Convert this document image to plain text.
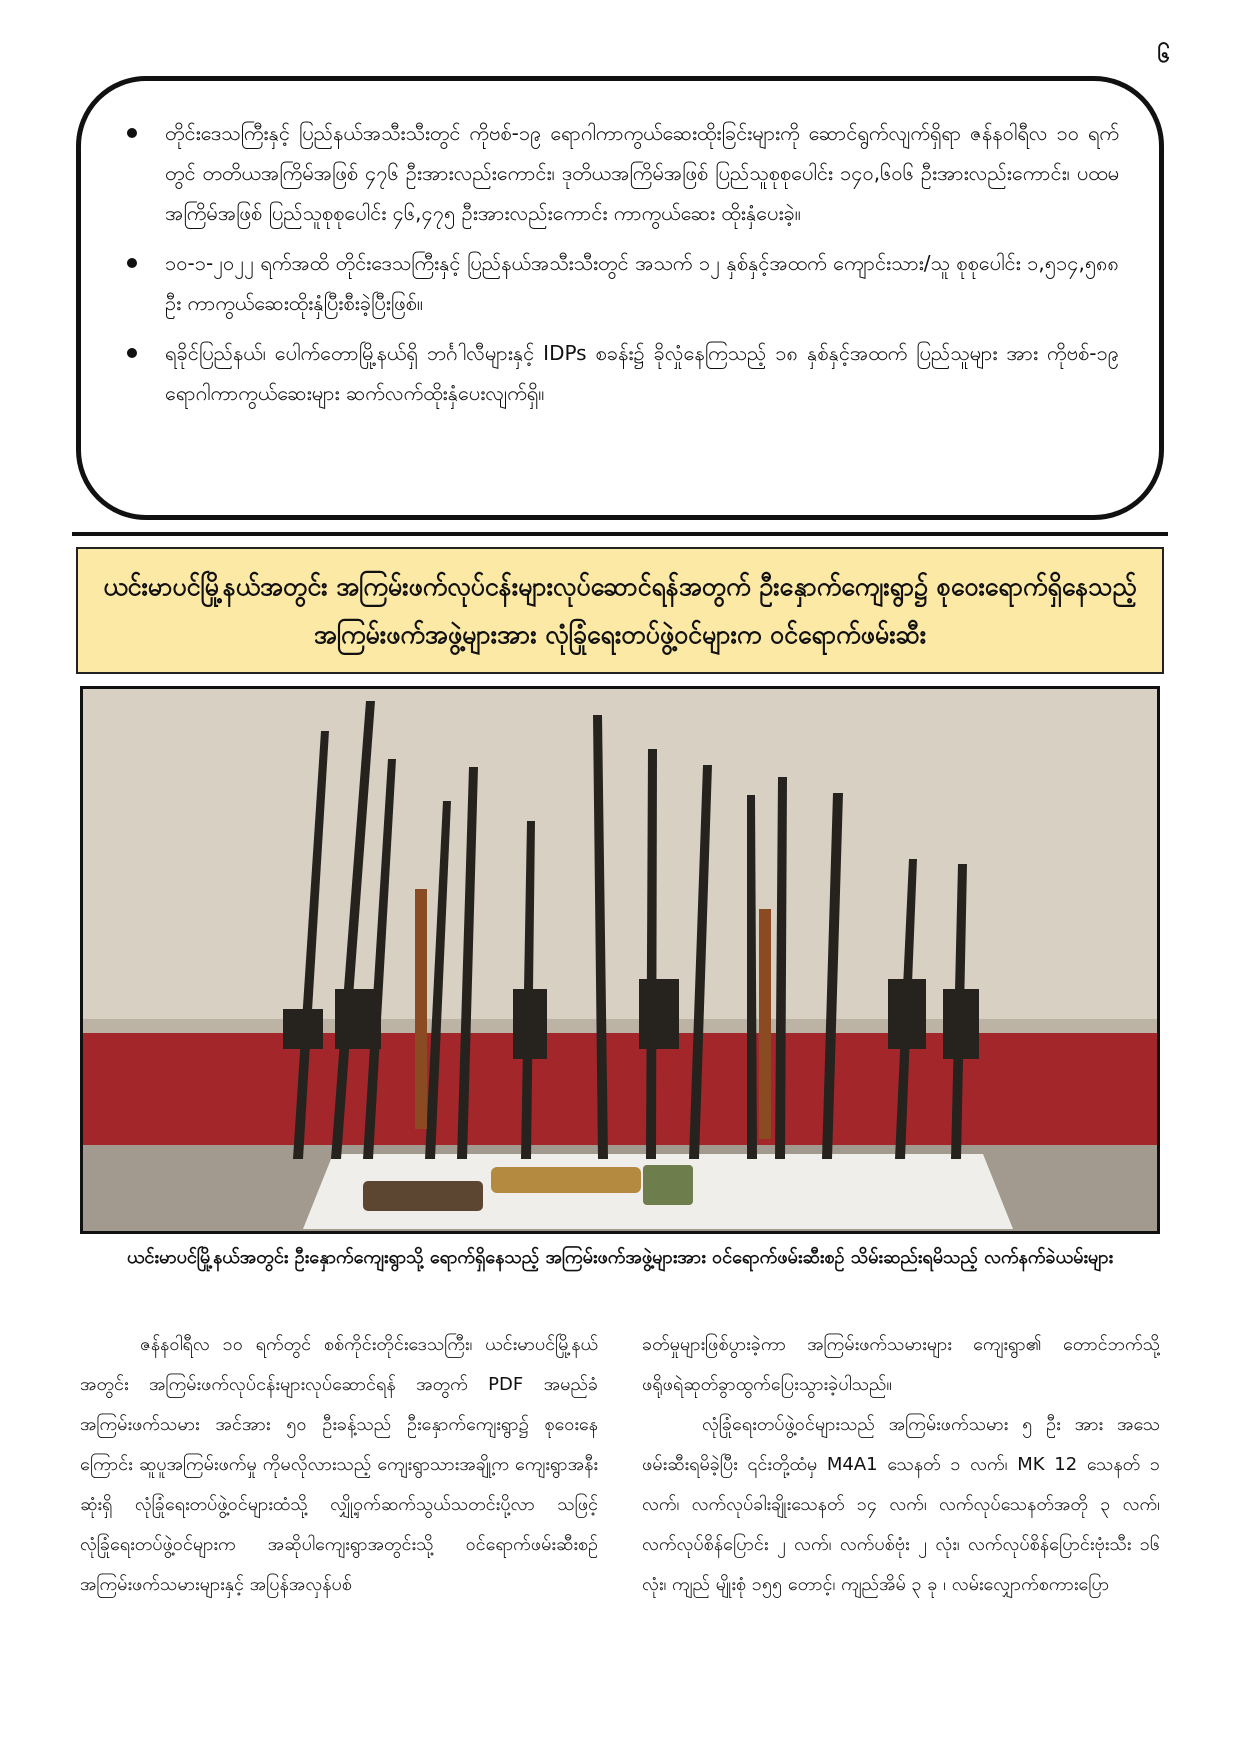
၆
တိုင်းဒေသကြီးနှင့် ပြည်နယ်အသီးသီးတွင် ကိုဗစ်-၁၉ ရောဂါကာကွယ်ဆေးထိုးခြင်းများကို ဆောင်ရွက်လျက်ရှိရာ ဇန်နဝါရီလ ၁၀ ရက်တွင် တတိယအကြိမ်အဖြစ် ၄၇၆ ဦးအားလည်းကောင်း၊ ဒုတိယအကြိမ်အဖြစ် ပြည်သူစုစုပေါင်း ၁၄၀,၆၀၆ ဦးအားလည်းကောင်း၊ ပထမအကြိမ်အဖြစ် ပြည်သူစုစုပေါင်း ၄၆,၄၇၅ ဦးအားလည်းကောင်း ကာကွယ်ဆေး ထိုးနှံပေးခဲ့။
၁၀-၁-၂၀၂၂ ရက်အထိ တိုင်းဒေသကြီးနှင့် ပြည်နယ်အသီးသီးတွင် အသက် ၁၂ နှစ်နှင့်အထက် ကျောင်းသား/သူ စုစုပေါင်း ၁,၅၁၄,၅၈၈ ဦး ကာကွယ်ဆေးထိုးနှံပြီးစီးခဲ့ပြီးဖြစ်။
ရခိုင်ပြည်နယ်၊ ပေါက်တောမြို့နယ်ရှိ ဘင်္ဂါလီများနှင့် IDPs စခန်း၌ ခိုလှုံနေကြသည့် ၁၈ နှစ်နှင့်အထက် ပြည်သူများ အား ကိုဗစ်-၁၉ ရောဂါကာကွယ်ဆေးများ ဆက်လက်ထိုးနှံပေးလျက်ရှိ။
ယင်းမာပင်မြို့နယ်အတွင်း အကြမ်းဖက်လုပ်ငန်းများလုပ်ဆောင်ရန်အတွက် ဦးနှောက်ကျေးရွာ၌ စုဝေးရောက်ရှိနေသည့် အကြမ်းဖက်အဖွဲ့များအား လုံခြုံရေးတပ်ဖွဲ့ဝင်များက ဝင်ရောက်ဖမ်းဆီး
ယင်းမာပင်မြို့နယ်အတွင်း ဦးနှောက်ကျေးရွာသို့ ရောက်ရှိနေသည့် အကြမ်းဖက်အဖွဲ့များအား ဝင်ရောက်ဖမ်းဆီးစဉ် သိမ်းဆည်းရမိသည့် လက်နက်ခဲယမ်းများ

ဇန်နဝါရီလ ၁၀ ရက်တွင် စစ်ကိုင်းတိုင်းဒေသကြီး၊ ယင်းမာပင်မြို့နယ်အတွင်း အကြမ်းဖက်လုပ်ငန်းများလုပ်ဆောင်ရန် အတွက် PDF အမည်ခံ အကြမ်းဖက်သမား အင်အား ၅၀ ဦးခန့်သည် ဦးနှောက်ကျေးရွာ၌ စုဝေးနေကြောင်း ဆူပူအကြမ်းဖက်မှု ကိုမလိုလားသည့် ကျေးရွာသားအချို့က ကျေးရွာအနီးဆုံးရှိ လုံခြုံရေးတပ်ဖွဲ့ဝင်များထံသို့ လျှို့ဝှက်ဆက်သွယ်သတင်းပို့လာ သဖြင့် လုံခြုံရေးတပ်ဖွဲ့ဝင်များက အဆိုပါကျေးရွာအတွင်းသို့ ဝင်ရောက်ဖမ်းဆီးစဉ် အကြမ်းဖက်သမားများနှင့် အပြန်အလှန်ပစ်

ခတ်မှုများဖြစ်ပွားခဲ့ကာ အကြမ်းဖက်သမားများ ကျေးရွာ၏ တောင်ဘက်သို့ ဖရိုဖရဲဆုတ်ခွာထွက်ပြေးသွားခဲ့ပါသည်။

လုံခြုံရေးတပ်ဖွဲ့ဝင်များသည် အကြမ်းဖက်သမား ၅ ဦး အား အသေဖမ်းဆီးရမိခဲ့ပြီး ၎င်းတို့ထံမှ M4A1 သေနတ် ၁ လက်၊ MK 12 သေနတ် ၁ လက်၊ လက်လုပ်ခါးချိုးသေနတ် ၁၄ လက်၊ လက်လုပ်သေနတ်အတို ၃ လက်၊ လက်လုပ်စိန်ပြောင်း ၂ လက်၊ လက်ပစ်ဗုံး ၂ လုံး၊ လက်လုပ်စိန်ပြောင်းဗုံးသီး ၁၆ လုံး၊ ကျည် မျိုးစုံ ၁၅၅ တောင့်၊ ကျည်အိမ် ၃ ခု ၊ လမ်းလျှောက်စကားပြော
